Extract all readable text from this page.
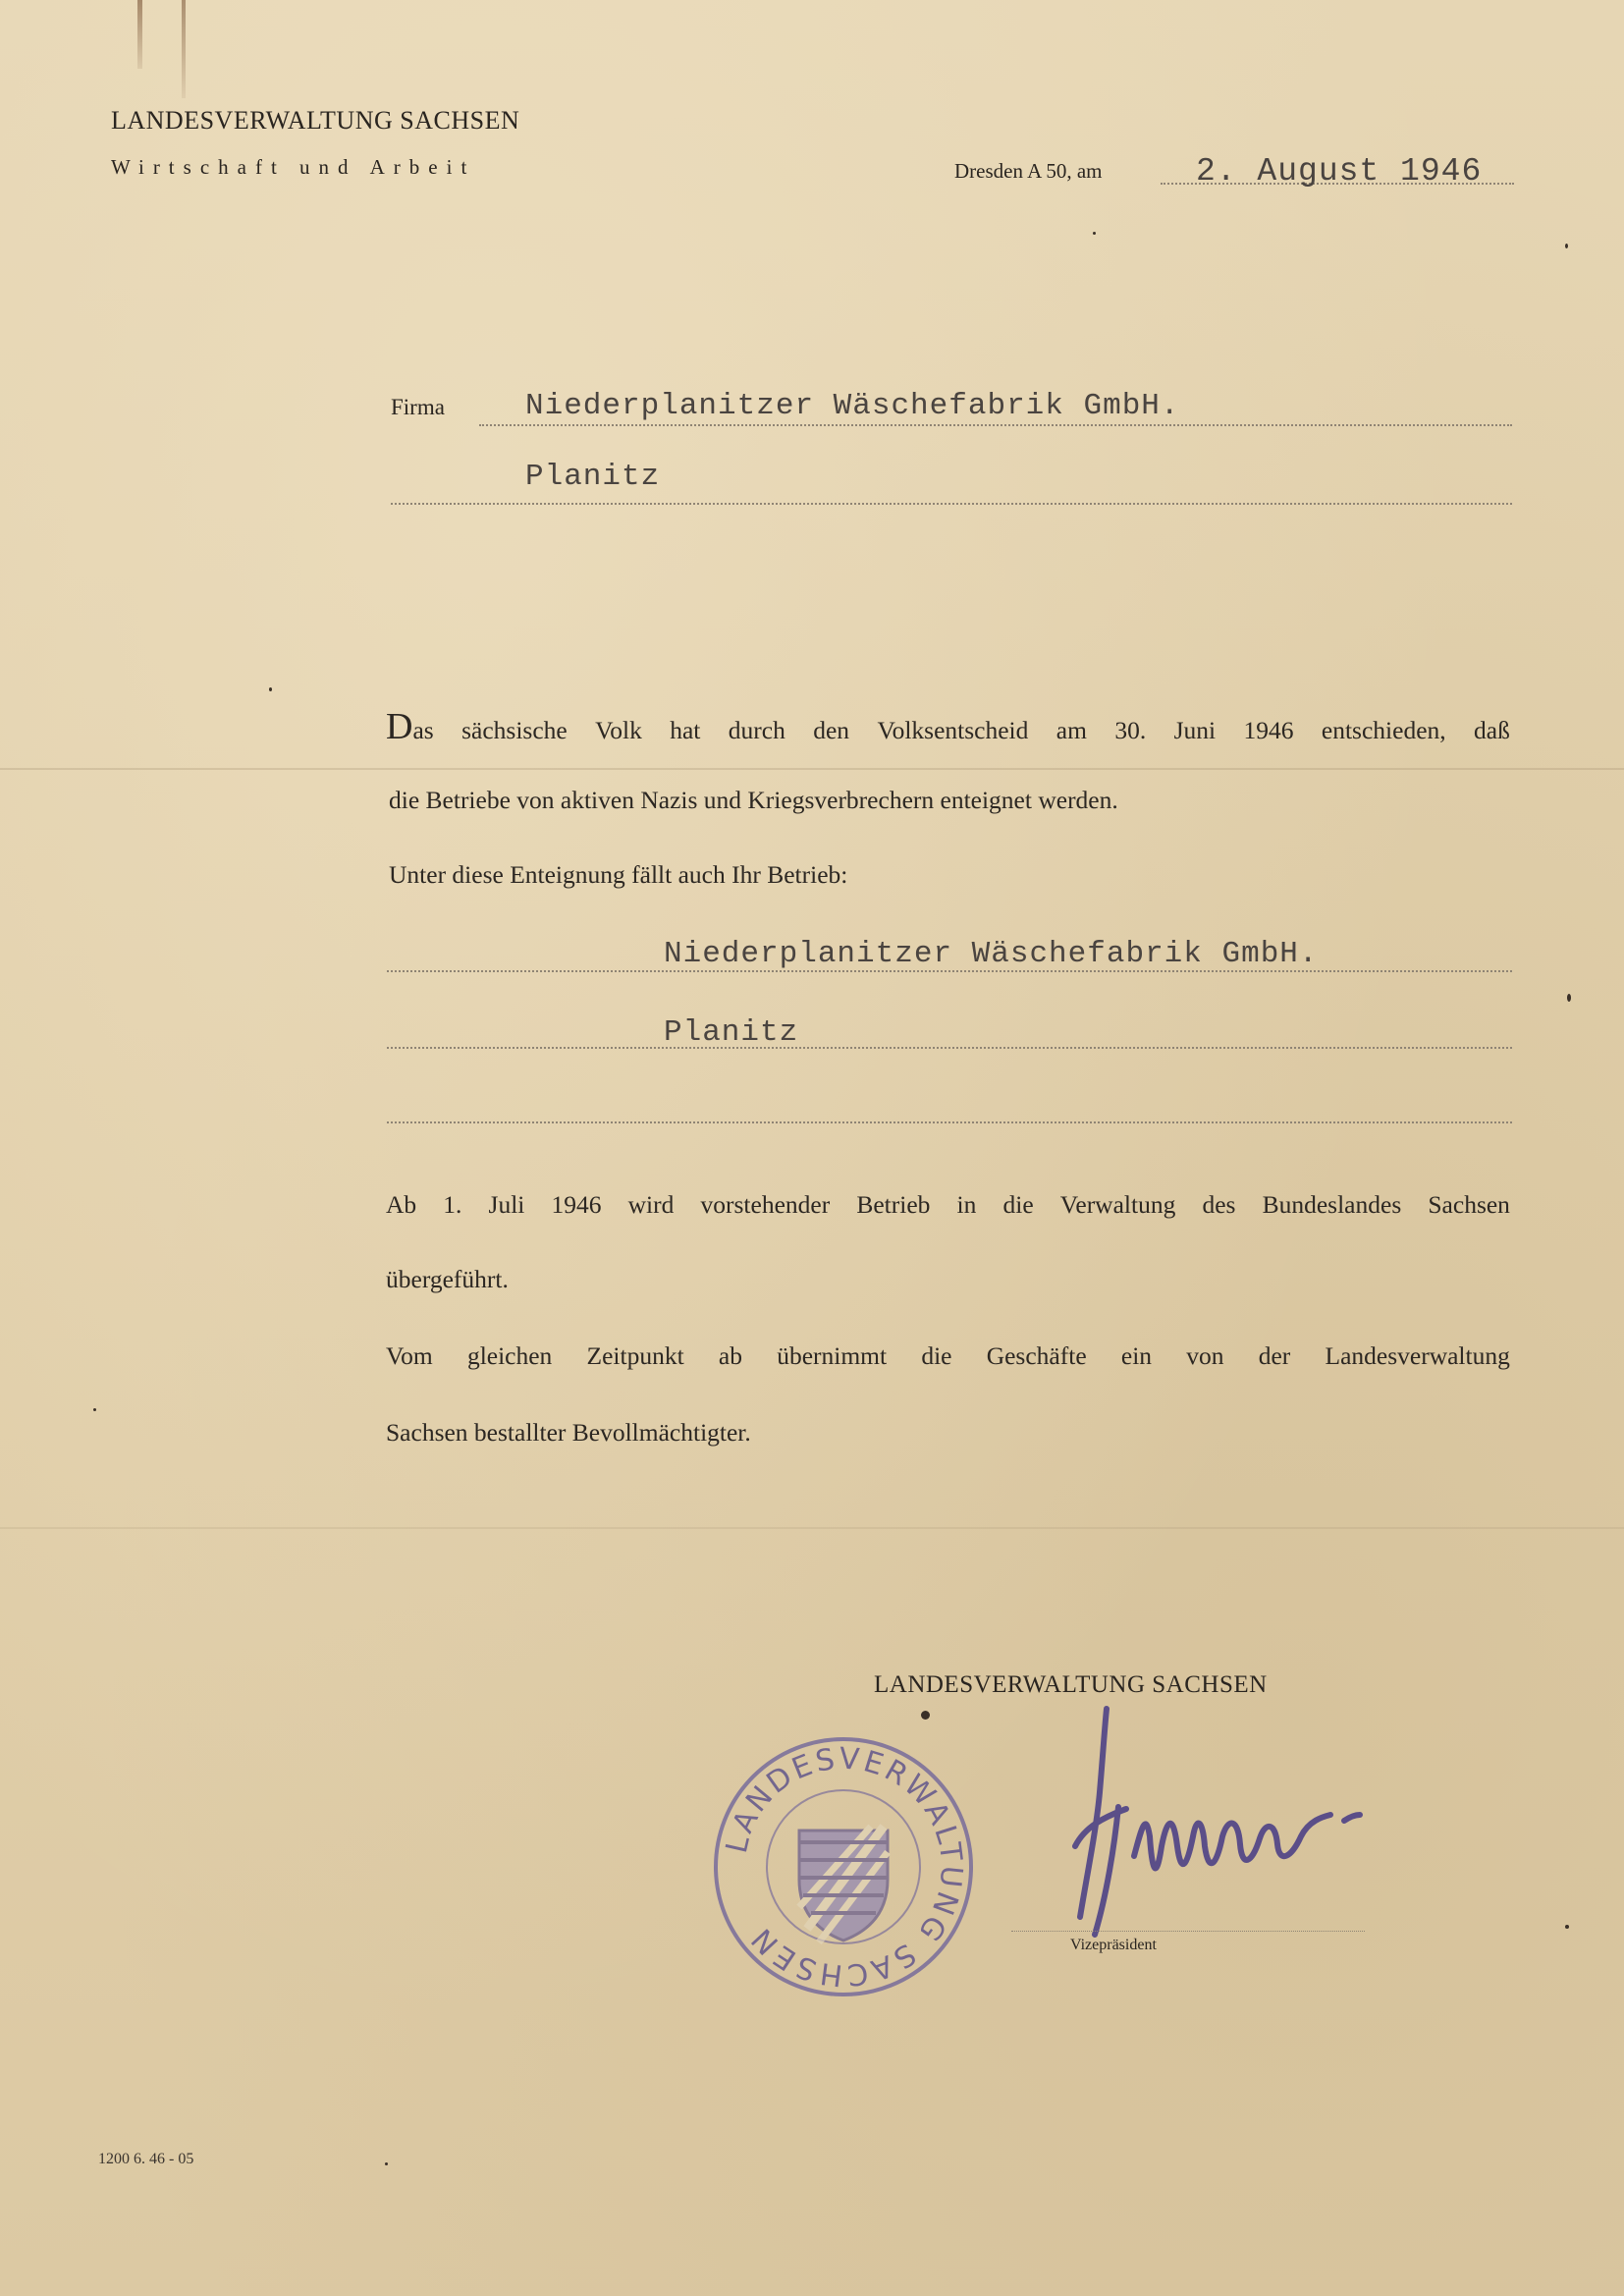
LANDESVERWALTUNG SACHSEN
Wirtschaft und Arbeit	Dresden A 50, am	2. August 1946
Firma	Niederplanitzer Wäschefabrik GmbH.
Planitz
Das sächsische Volk hat durch den Volksentscheid am 30. Juni 1946 entschieden, daß
die Betriebe von aktiven Nazis und Kriegsverbrechern enteignet werden.
Unter diese Enteignung fällt auch Ihr Betrieb:
Niederplanitzer Wäschefabrik GmbH.
Planitz
Ab 1. Juli 1946 wird vorstehender Betrieb in die Verwaltung des Bundeslandes Sachsen
übergeführt.
Vom gleichen Zeitpunkt ab übernimmt die Geschäfte ein von der Landesverwaltung
Sachsen bestallter Bevollmächtigter.
LANDESVERWALTUNG SACHSEN
LANDESVERWALTUNG SACHSEN	Vizepräsident
1200 6. 46 - 05
